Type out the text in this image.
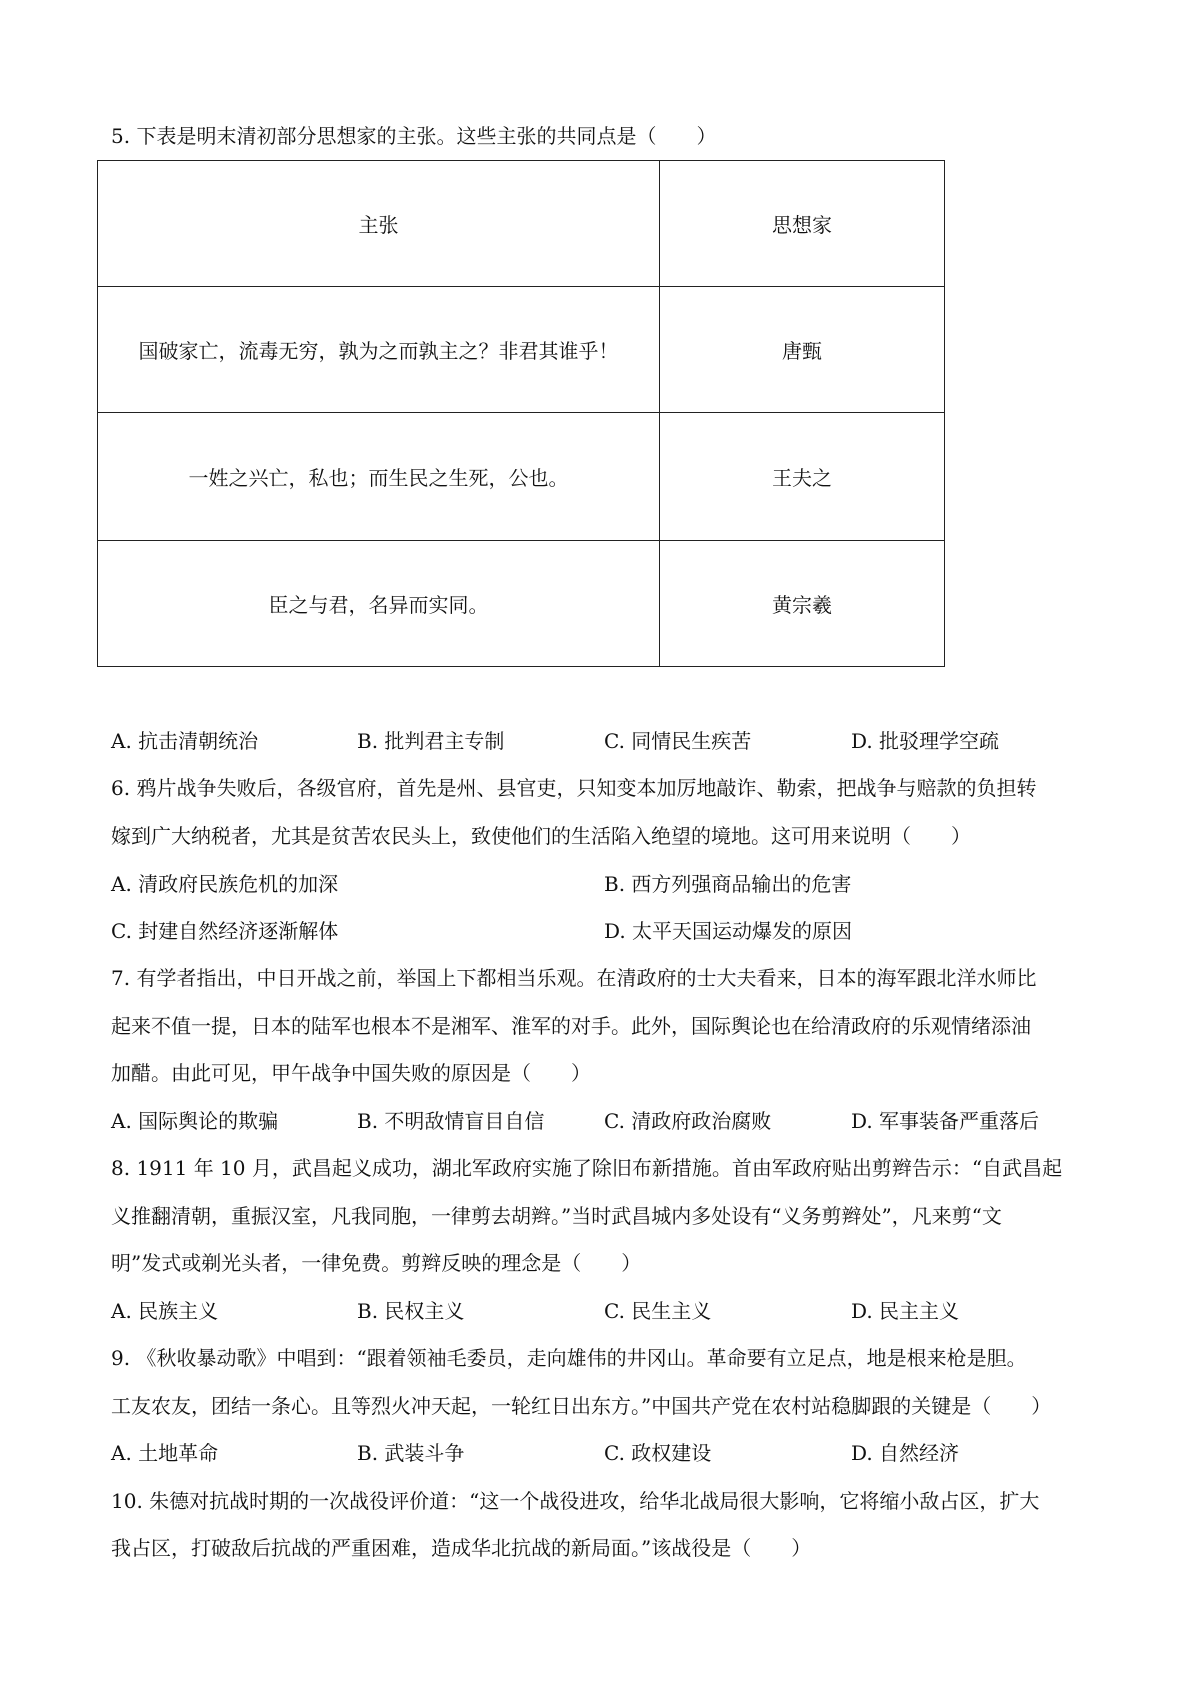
5. 下表是明末清初部分思想家的主张。这些主张的共同点是（　　）
主张	思想家
国破家亡，流毒无穷，孰为之而孰主之？非君其谁乎！	唐甄
一姓之兴亡，私也；而生民之生死，公也。	王夫之
臣之与君，名异而实同。	黄宗羲
A. 抗击清朝统治	B. 批判君主专制	C. 同情民生疾苦	D. 批驳理学空疏
6. 鸦片战争失败后，各级官府，首先是州、县官吏，只知变本加厉地敲诈、勒索，把战争与赔款的负担转
嫁到广大纳税者，尤其是贫苦农民头上，致使他们的生活陷入绝望的境地。这可用来说明（　　）
A. 清政府民族危机的加深	B. 西方列强商品输出的危害
C. 封建自然经济逐渐解体	D. 太平天国运动爆发的原因
7. 有学者指出，中日开战之前，举国上下都相当乐观。在清政府的士大夫看来，日本的海军跟北洋水师比
起来不值一提，日本的陆军也根本不是湘军、淮军的对手。此外，国际舆论也在给清政府的乐观情绪添油
加醋。由此可见，甲午战争中国失败的原因是（　　）
A. 国际舆论的欺骗	B. 不明敌情盲目自信	C. 清政府政治腐败	D. 军事装备严重落后
8. 1911 年 10 月，武昌起义成功，湖北军政府实施了除旧布新措施。首由军政府贴出剪辫告示：“自武昌起
义推翻清朝，重振汉室，凡我同胞，一律剪去胡辫。”当时武昌城内多处设有“义务剪辫处”，凡来剪“文
明”发式或剃光头者，一律免费。剪辫反映的理念是（　　）
A. 民族主义	B. 民权主义	C. 民生主义	D. 民主主义
9. 《秋收暴动歌》中唱到：“跟着领袖毛委员，走向雄伟的井冈山。革命要有立足点，地是根来枪是胆。
工友农友，团结一条心。且等烈火冲天起，一轮红日出东方。”中国共产党在农村站稳脚跟的关键是（　　）
A. 土地革命	B. 武装斗争	C. 政权建设	D. 自然经济
10. 朱德对抗战时期的一次战役评价道：“这一个战役进攻，给华北战局很大影响，它将缩小敌占区，扩大
我占区，打破敌后抗战的严重困难，造成华北抗战的新局面。”该战役是（　　）
